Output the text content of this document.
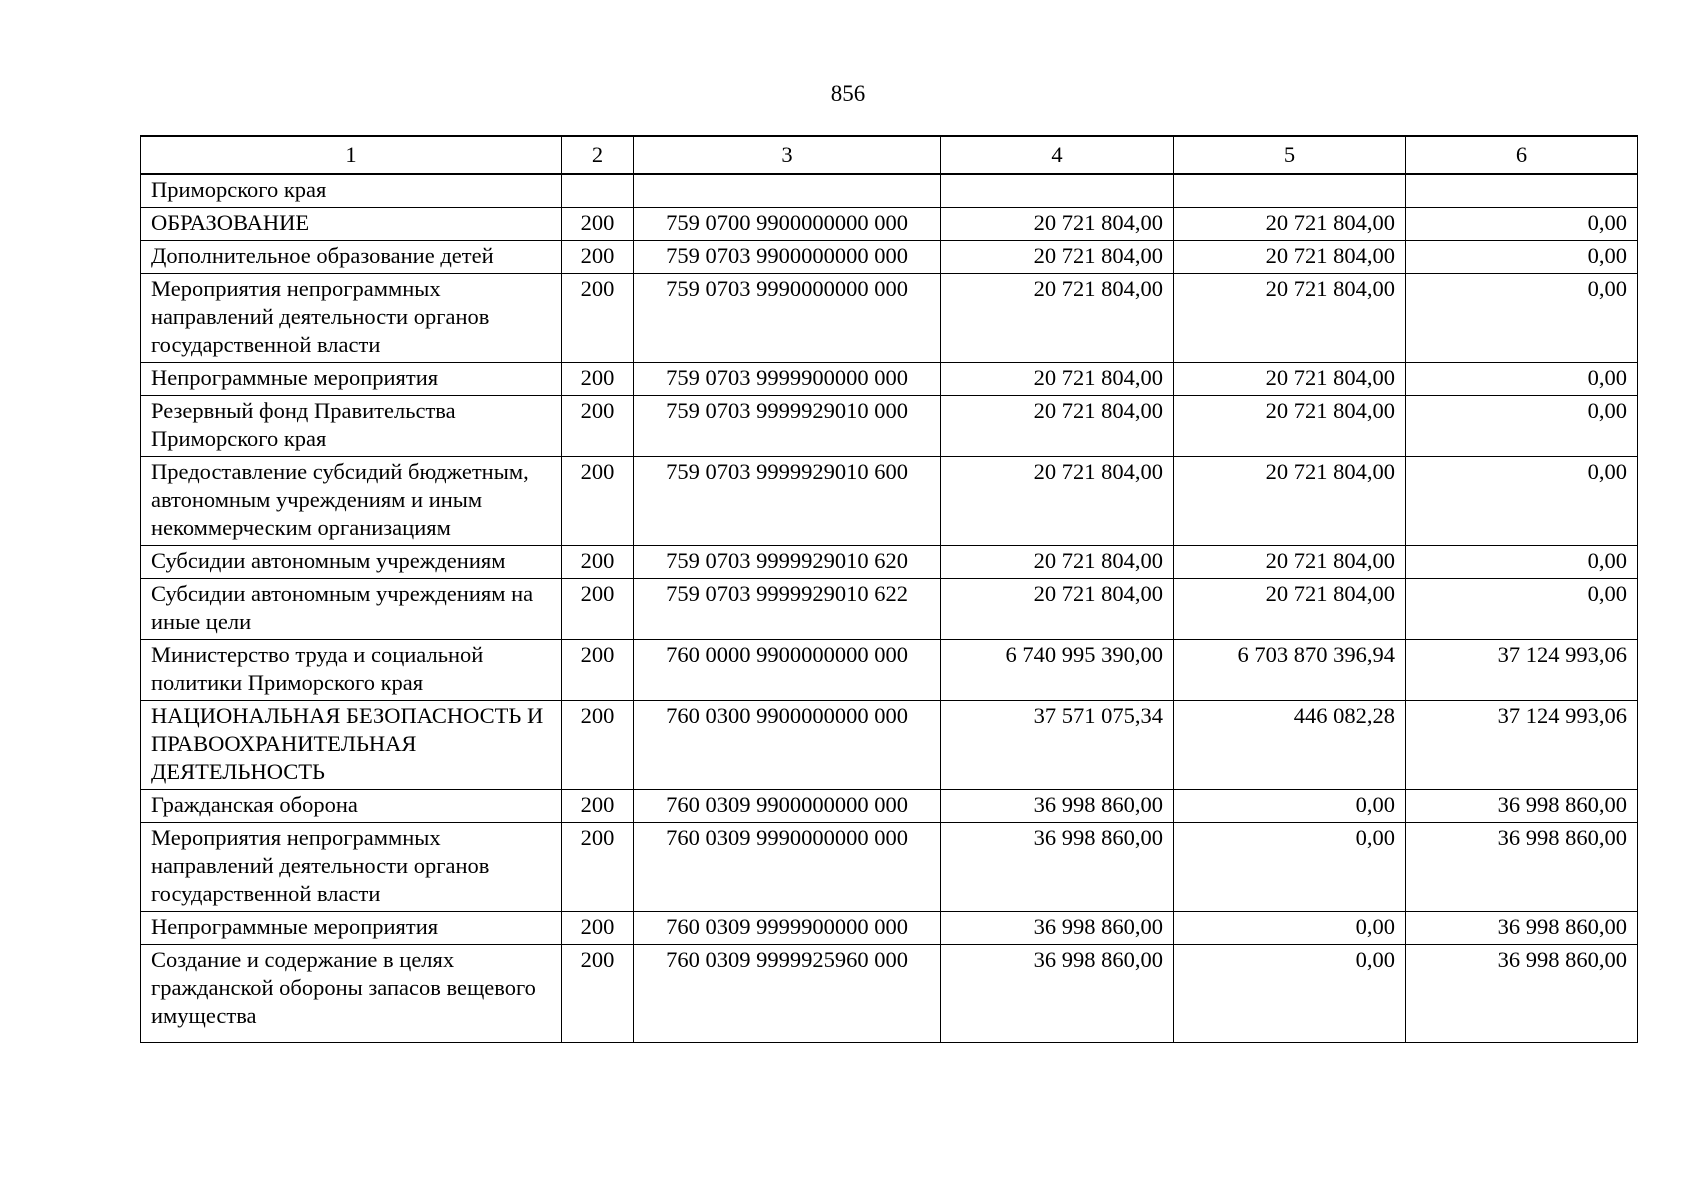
856
1	2	3	4	5	6
Приморского края					
ОБРАЗОВАНИЕ	200	759 0700 9900000000 000	20 721 804,00	20 721 804,00	0,00
Дополнительное образование детей	200	759 0703 9900000000 000	20 721 804,00	20 721 804,00	0,00
Мероприятия непрограммных направлений деятельности органов государственной власти	200	759 0703 9990000000 000	20 721 804,00	20 721 804,00	0,00
Непрограммные мероприятия	200	759 0703 9999900000 000	20 721 804,00	20 721 804,00	0,00
Резервный фонд Правительства Приморского края	200	759 0703 9999929010 000	20 721 804,00	20 721 804,00	0,00
Предоставление субсидий бюджетным, автономным учреждениям и иным некоммерческим организациям	200	759 0703 9999929010 600	20 721 804,00	20 721 804,00	0,00
Субсидии автономным учреждениям	200	759 0703 9999929010 620	20 721 804,00	20 721 804,00	0,00
Субсидии автономным учреждениям на иные цели	200	759 0703 9999929010 622	20 721 804,00	20 721 804,00	0,00
Министерство труда и социальной политики Приморского края	200	760 0000 9900000000 000	6 740 995 390,00	6 703 870 396,94	37 124 993,06
НАЦИОНАЛЬНАЯ БЕЗОПАСНОСТЬ И ПРАВООХРАНИТЕЛЬНАЯ ДЕЯТЕЛЬНОСТЬ	200	760 0300 9900000000 000	37 571 075,34	446 082,28	37 124 993,06
Гражданская оборона	200	760 0309 9900000000 000	36 998 860,00	0,00	36 998 860,00
Мероприятия непрограммных направлений деятельности органов государственной власти	200	760 0309 9990000000 000	36 998 860,00	0,00	36 998 860,00
Непрограммные мероприятия	200	760 0309 9999900000 000	36 998 860,00	0,00	36 998 860,00
Создание и содержание в целях гражданской обороны запасов вещевого имущества	200	760 0309 9999925960 000	36 998 860,00	0,00	36 998 860,00
